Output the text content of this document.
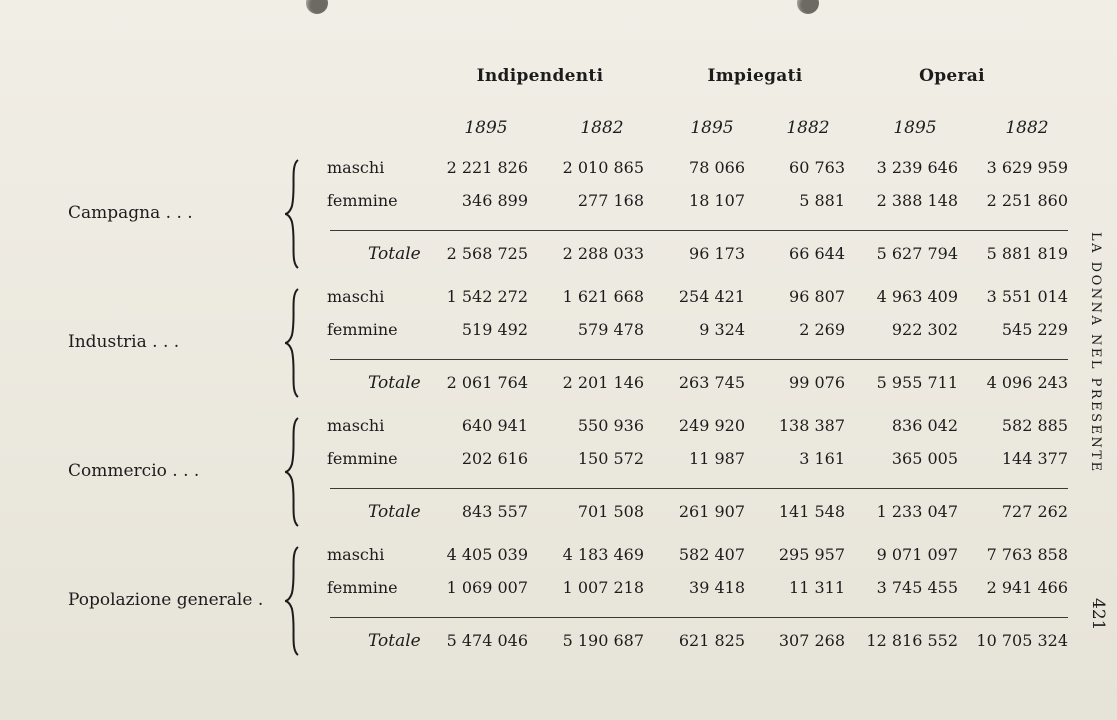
Indipendenti	Impiegati	Operai
1895	1882	1895	1882	1895	1882
Campagna . . .
maschi	2 221 826	2 010 865	78 066	60 763	3 239 646	3 629 959
femmine	346 899	277 168	18 107	5 881	2 388 148	2 251 860
Totale	2 568 725	2 288 033	96 173	66 644	5 627 794	5 881 819
Industria . . .
maschi	1 542 272	1 621 668	254 421	96 807	4 963 409	3 551 014
femmine	519 492	579 478	9 324	2 269	922 302	545 229
Totale	2 061 764	2 201 146	263 745	99 076	5 955 711	4 096 243
Commercio . . .
maschi	640 941	550 936	249 920	138 387	836 042	582 885
femmine	202 616	150 572	11 987	3 161	365 005	144 377
Totale	843 557	701 508	261 907	141 548	1 233 047	727 262
Popolazione generale .
maschi	4 405 039	4 183 469	582 407	295 957	9 071 097	7 763 858
femmine	1 069 007	1 007 218	39 418	11 311	3 745 455	2 941 466
Totale	5 474 046	5 190 687	621 825	307 268	12 816 552	10 705 324
LA DONNA NEL PRESENTE
421
